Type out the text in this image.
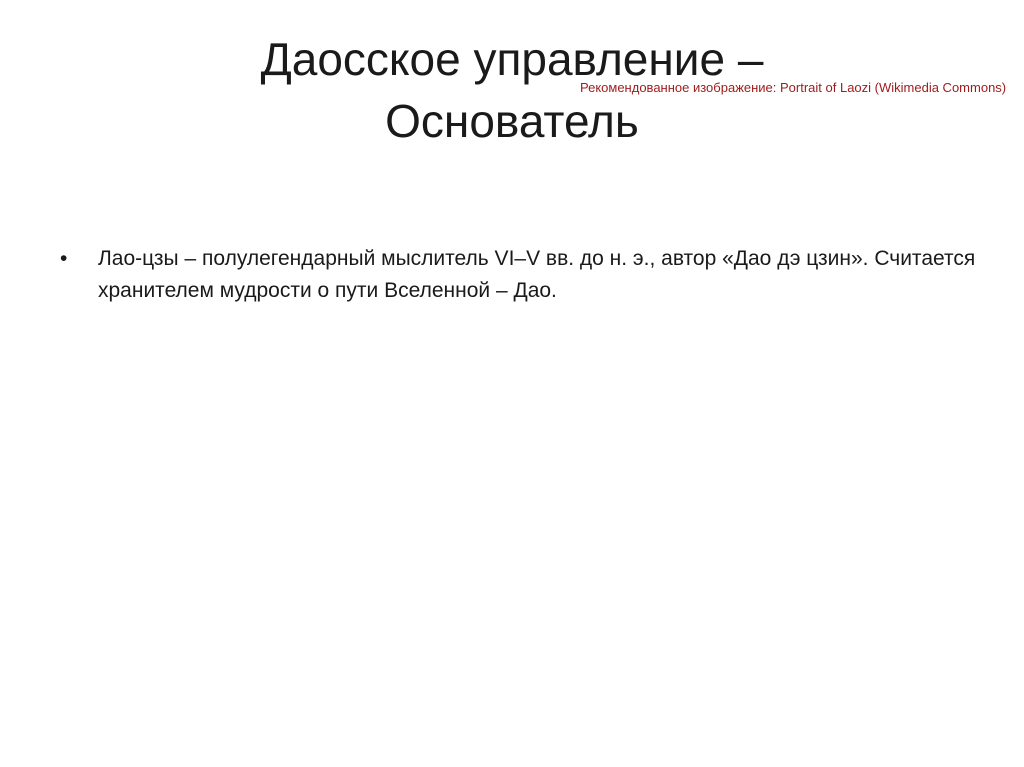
Даосское управление –
Основатель
Рекомендованное изображение: Portrait of Laozi (Wikimedia Commons)
• Лао-цзы – полулегендарный мыслитель VI–V вв. до н. э., автор «Дао дэ цзин». Считается хранителем мудрости о пути Вселенной – Дао.
